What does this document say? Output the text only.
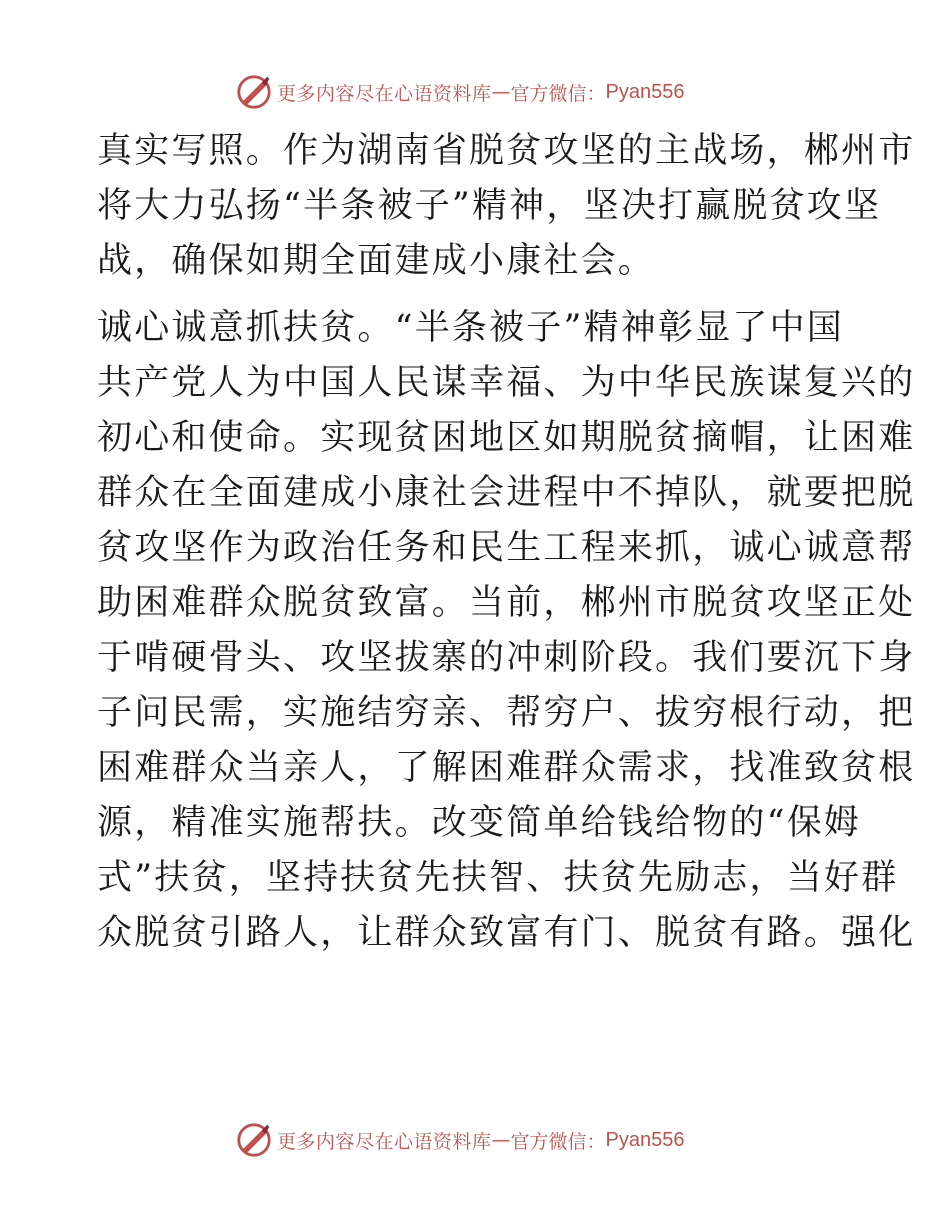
更多内容尽在心语资料库 — 官方微信： Pyan556
真实写照。作为湖南省脱贫攻坚的主战场，郴州市
将大力弘扬“半条被子”精神，坚决打赢脱贫攻坚
战，确保如期全面建成小康社会。
诚心诚意抓扶贫。“半条被子”精神彰显了中国
共产党人为中国人民谋幸福、为中华民族谋复兴的
初心和使命。实现贫困地区如期脱贫摘帽，让困难
群众在全面建成小康社会进程中不掉队，就要把脱
贫攻坚作为政治任务和民生工程来抓，诚心诚意帮
助困难群众脱贫致富。当前，郴州市脱贫攻坚正处
于啃硬骨头、攻坚拔寨的冲刺阶段。我们要沉下身
子问民需，实施结穷亲、帮穷户、拔穷根行动，把
困难群众当亲人，了解困难群众需求，找准致贫根
源，精准实施帮扶。改变简单给钱给物的“保姆
式”扶贫，坚持扶贫先扶智、扶贫先励志，当好群
众脱贫引路人，让群众致富有门、脱贫有路。强化
更多内容尽在心语资料库 — 官方微信： Pyan556
